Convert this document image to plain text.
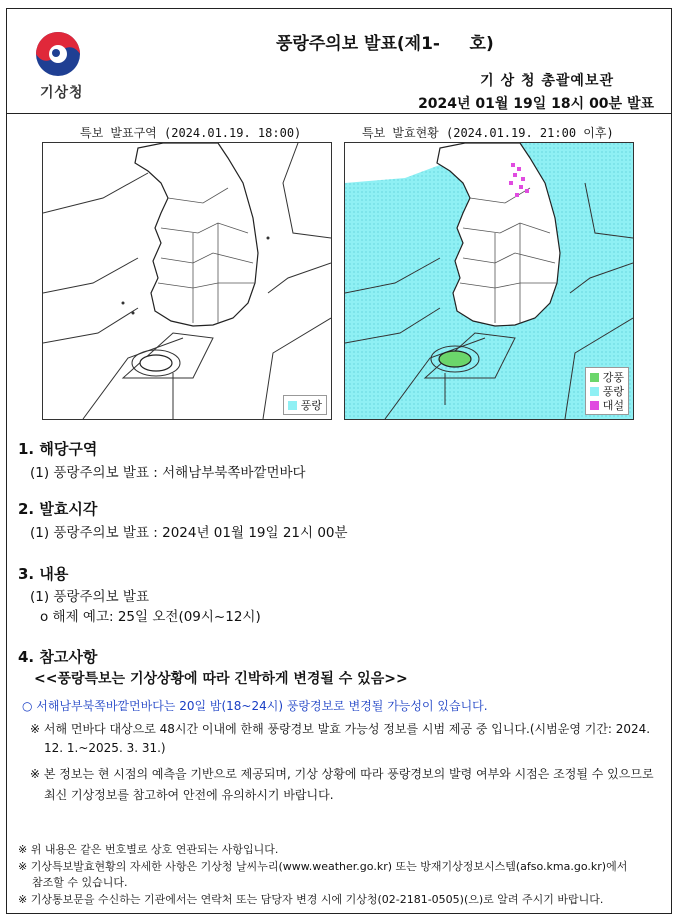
기상청
풍랑주의보 발표(제1-     호)
기 상 청 총괄예보관
2024년 01월 19일 18시 00분 발표
특보 발표구역 (2024.01.19. 18:00)
풍랑
특보 발효현황 (2024.01.19. 21:00 이후)
강풍
풍랑
대설
1. 해당구역
(1) 풍랑주의보 발표 : 서해남부북쪽바깥먼바다
2. 발효시각
(1) 풍랑주의보 발표 : 2024년 01월 19일 21시 00분
3. 내용
(1) 풍랑주의보 발표
o 해제 예고: 25일 오전(09시~12시)
4. 참고사항
<<풍랑특보는 기상상황에 따라 긴박하게 변경될 수 있음>>
○ 서해남부북쪽바깥먼바다는 20일 밤(18~24시) 풍랑경보로 변경될 가능성이 있습니다.
※ 서해 먼바다 대상으로 48시간 이내에 한해 풍랑경보 발효 가능성 정보를 시범 제공 중 입니다.(시범운영 기간: 2024.
12. 1.~2025. 3. 31.)
※ 본 정보는 현 시점의 예측을 기반으로 제공되며, 기상 상황에 따라 풍랑경보의 발령 여부와 시점은 조정될 수 있으므로
최신 기상정보를 참고하여 안전에 유의하시기 바랍니다.
※ 위 내용은 같은 번호별로 상호 연관되는 사항입니다.
※ 기상특보발효현황의 자세한 사항은 기상청 날씨누리(www.weather.go.kr) 또는 방재기상정보시스템(afso.kma.go.kr)에서
참조할 수 있습니다.
※ 기상통보문을 수신하는 기관에서는 연락처 또는 담당자 변경 시에 기상청(02-2181-0505)(으)로 알려 주시기 바랍니다.
